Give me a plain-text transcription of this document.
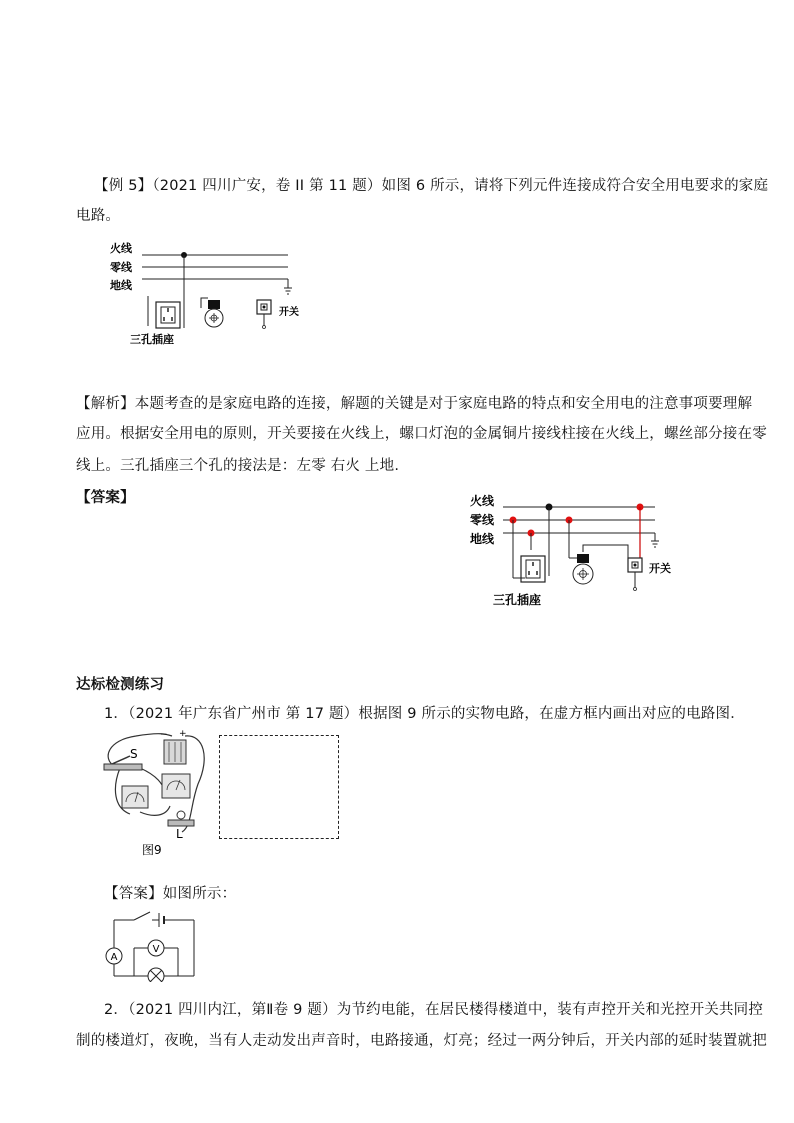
【例 5】（2021 四川广安，卷 II 第 11 题）如图 6 所示，请将下列元件连接成符合安全用电要求的家庭
电路。
火线
零线
地线
三孔插座
开关
【解析】本题考查的是家庭电路的连接，解题的关键是对于家庭电路的特点和安全用电的注意事项要理解
应用。根据安全用电的原则，开关要接在火线上，螺口灯泡的金属铜片接线柱接在火线上，螺丝部分接在零
线上。三孔插座三个孔的接法是：左零 右火 上地.
【答案】	火线
零线
地线
开关
三孔插座
达标检测练习
1．（2021 年广东省广州市 第 17 题）根据图 9 所示的实物电路，在虚方框内画出对应的电路图．
− +
S
L
图9
【答案】如图所示：
A
V
2．（2021 四川内江，第Ⅱ卷 9 题）为节约电能，在居民楼得楼道中，装有声控开关和光控开关共同控
制的楼道灯，夜晚，当有人走动发出声音时，电路接通，灯亮；经过一两分钟后，开关内部的延时装置就把
